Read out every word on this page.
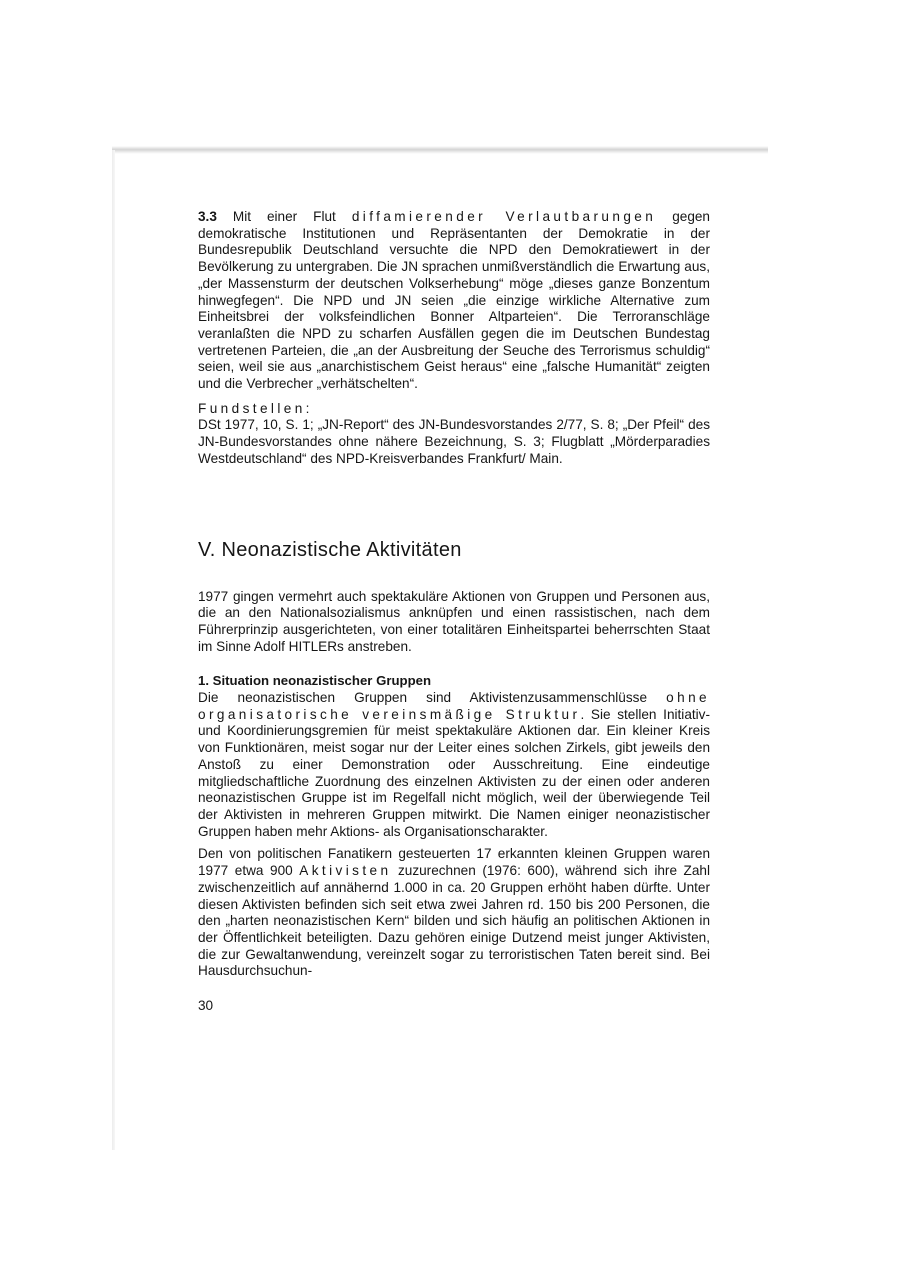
3.3 Mit einer Flut diffamierender Verlautbarungen gegen demokratische Institutionen und Repräsentanten der Demokratie in der Bundesrepublik Deutschland versuchte die NPD den Demokratiewert in der Bevölkerung zu untergraben. Die JN sprachen unmißverständlich die Erwartung aus, „der Massensturm der deutschen Volkserhebung“ möge „dieses ganze Bonzentum hinwegfegen“. Die NPD und JN seien „die einzige wirkliche Alternative zum Einheitsbrei der volksfeindlichen Bonner Altparteien“. Die Terroranschläge veranlaßten die NPD zu scharfen Ausfällen gegen die im Deutschen Bundestag vertretenen Parteien, die „an der Ausbreitung der Seuche des Terrorismus schuldig“ seien, weil sie aus „anarchistischem Geist heraus“ eine „falsche Humanität“ zeigten und die Verbrecher „verhätschelten“.

Fundstellen:

DSt 1977, 10, S. 1; „JN-Report“ des JN-Bundesvorstandes 2/77, S. 8; „Der Pfeil“ des JN-Bundesvorstandes ohne nähere Bezeichnung, S. 3; Flugblatt „Mörderparadies Westdeutschland“ des NPD-Kreisverbandes Frankfurt/ Main.

V. Neonazistische Aktivitäten

1977 gingen vermehrt auch spektakuläre Aktionen von Gruppen und Personen aus, die an den Nationalsozialismus anknüpfen und einen rassistischen, nach dem Führerprinzip ausgerichteten, von einer totalitären Einheitspartei beherrschten Staat im Sinne Adolf HITLERs anstreben.

1. Situation neonazistischer Gruppen

Die neonazistischen Gruppen sind Aktivistenzusammenschlüsse ohne organisatorische vereinsmäßige Struktur. Sie stellen Initiativ- und Koordinierungsgremien für meist spektakuläre Aktionen dar. Ein kleiner Kreis von Funktionären, meist sogar nur der Leiter eines solchen Zirkels, gibt jeweils den Anstoß zu einer Demonstration oder Ausschreitung. Eine eindeutige mitgliedschaftliche Zuordnung des einzelnen Aktivisten zu der einen oder anderen neonazistischen Gruppe ist im Regelfall nicht möglich, weil der überwiegende Teil der Aktivisten in mehreren Gruppen mitwirkt. Die Namen einiger neonazistischer Gruppen haben mehr Aktions- als Organisationscharakter.

Den von politischen Fanatikern gesteuerten 17 erkannten kleinen Gruppen waren 1977 etwa 900 Aktivisten zuzurechnen (1976: 600), während sich ihre Zahl zwischenzeitlich auf annähernd 1.000 in ca. 20 Gruppen erhöht haben dürfte. Unter diesen Aktivisten befinden sich seit etwa zwei Jahren rd. 150 bis 200 Personen, die den „harten neonazistischen Kern“ bilden und sich häufig an politischen Aktionen in der Öffentlichkeit beteiligten. Dazu gehören einige Dutzend meist junger Aktivisten, die zur Gewaltanwendung, vereinzelt sogar zu terroristischen Taten bereit sind. Bei Hausdurchsuchun-

30
